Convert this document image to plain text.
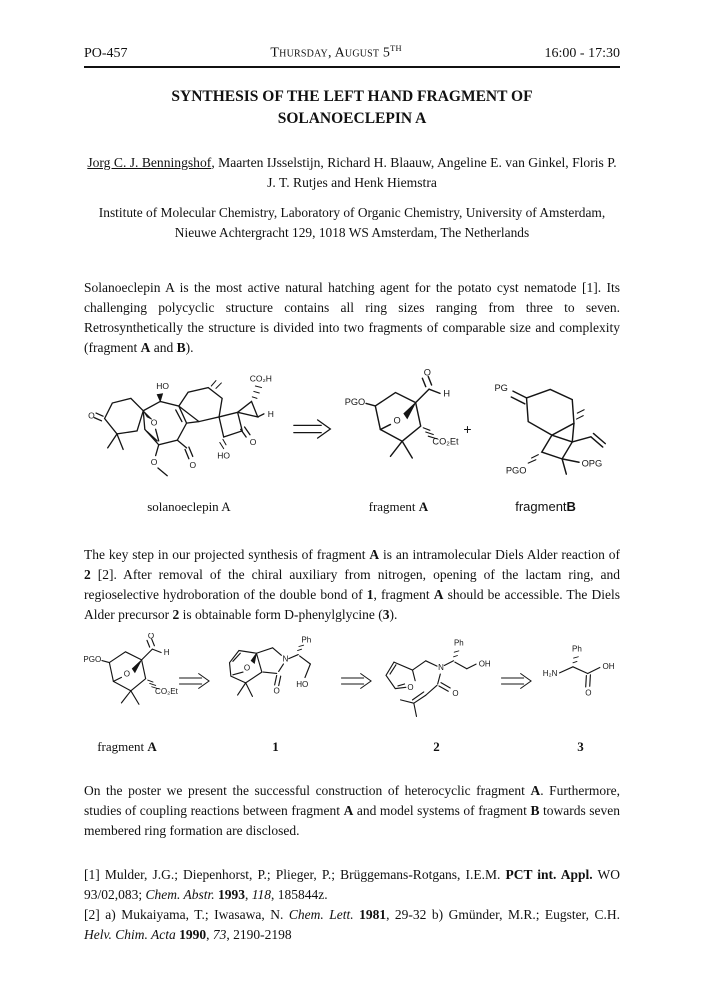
PO-457	Thursday, August 5TH	16:00 - 17:30
SYNTHESIS OF THE LEFT HAND FRAGMENT OF
SOLANOECLEPIN A
Jorg C. J. Benningshof, Maarten IJsselstijn, Richard H. Blaauw, Angeline E. van Ginkel, Floris P. J. T. Rutjes and Henk Hiemstra
Institute of Molecular Chemistry, Laboratory of Organic Chemistry, University of Amsterdam, Nieuwe Achtergracht 129, 1018 WS Amsterdam, The Netherlands
Solanoeclepin A is the most active natural hatching agent for the potato cyst nematode [1]. Its challenging polycyclic structure contains all ring sizes ranging from three to seven. Retrosynthetically the structure is divided into two fragments of comparable size and complexity (fragment A and B).
O
O
HO
O	O
O
HO
CO₂H
H
solanoeclepin A
O
PGO
O
H
CO₂Et
fragment A
+
PG
OPG
PGO
fragmentB
The key step in our projected synthesis of fragment A is an intramolecular Diels Alder reaction of 2 [2]. After removal of the chiral auxiliary from nitrogen, opening of the lactam ring, and regioselective hydroboration of the double bond of 1, fragment A should be accessible. The Diels Alder precursor 2 is obtainable form D-phenylglycine (3).
O
PGO
O
H
CO₂Et
fragment A
O
N
O
Ph
HO
1
O
N
Ph
OH
O
2
H₂N
Ph
O
OH
3
On the poster we present the successful construction of heterocyclic fragment A. Furthermore, studies of coupling reactions between fragment A and model systems of fragment B towards seven membered ring formation are disclosed.
[1] Mulder, J.G.; Diepenhorst, P.; Plieger, P.; Brüggemans-Rotgans, I.E.M. PCT int. Appl. WO 93/02,083; Chem. Abstr. 1993, 118, 185844z.
[2] a) Mukaiyama, T.; Iwasawa, N. Chem. Lett. 1981, 29-32 b) Gmünder, M.R.; Eugster, C.H. Helv. Chim. Acta 1990, 73, 2190-2198
